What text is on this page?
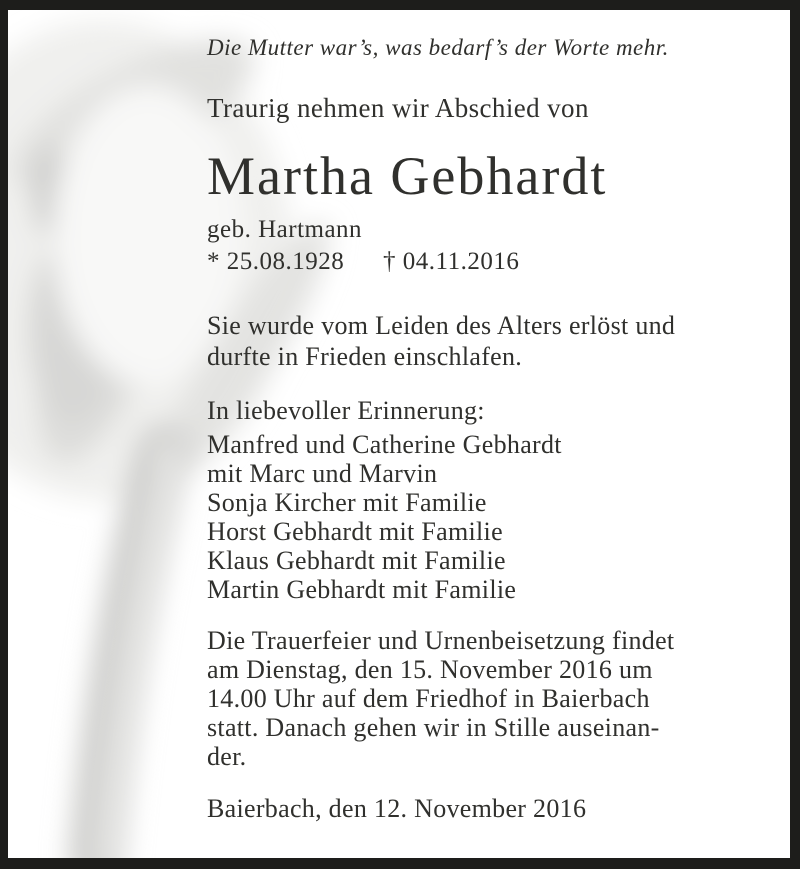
Die Mutter war’s, was bedarf’s der Worte mehr.
Traurig nehmen wir Abschied von
Martha Gebhardt
geb. Hartmann
* 25.08.1928 † 04.11.2016
Sie wurde vom Leiden des Alters erlöst und
durfte in Frieden einschlafen.
In liebevoller Erinnerung:
Manfred und Catherine Gebhardt
mit Marc und Marvin
Sonja Kircher mit Familie
Horst Gebhardt mit Familie
Klaus Gebhardt mit Familie
Martin Gebhardt mit Familie
Die Trauerfeier und Urnenbeisetzung findet
am Dienstag, den 15. November 2016 um
14.00 Uhr auf dem Friedhof in Baierbach
statt. Danach gehen wir in Stille auseinan-
der.
Baierbach, den 12. November 2016
